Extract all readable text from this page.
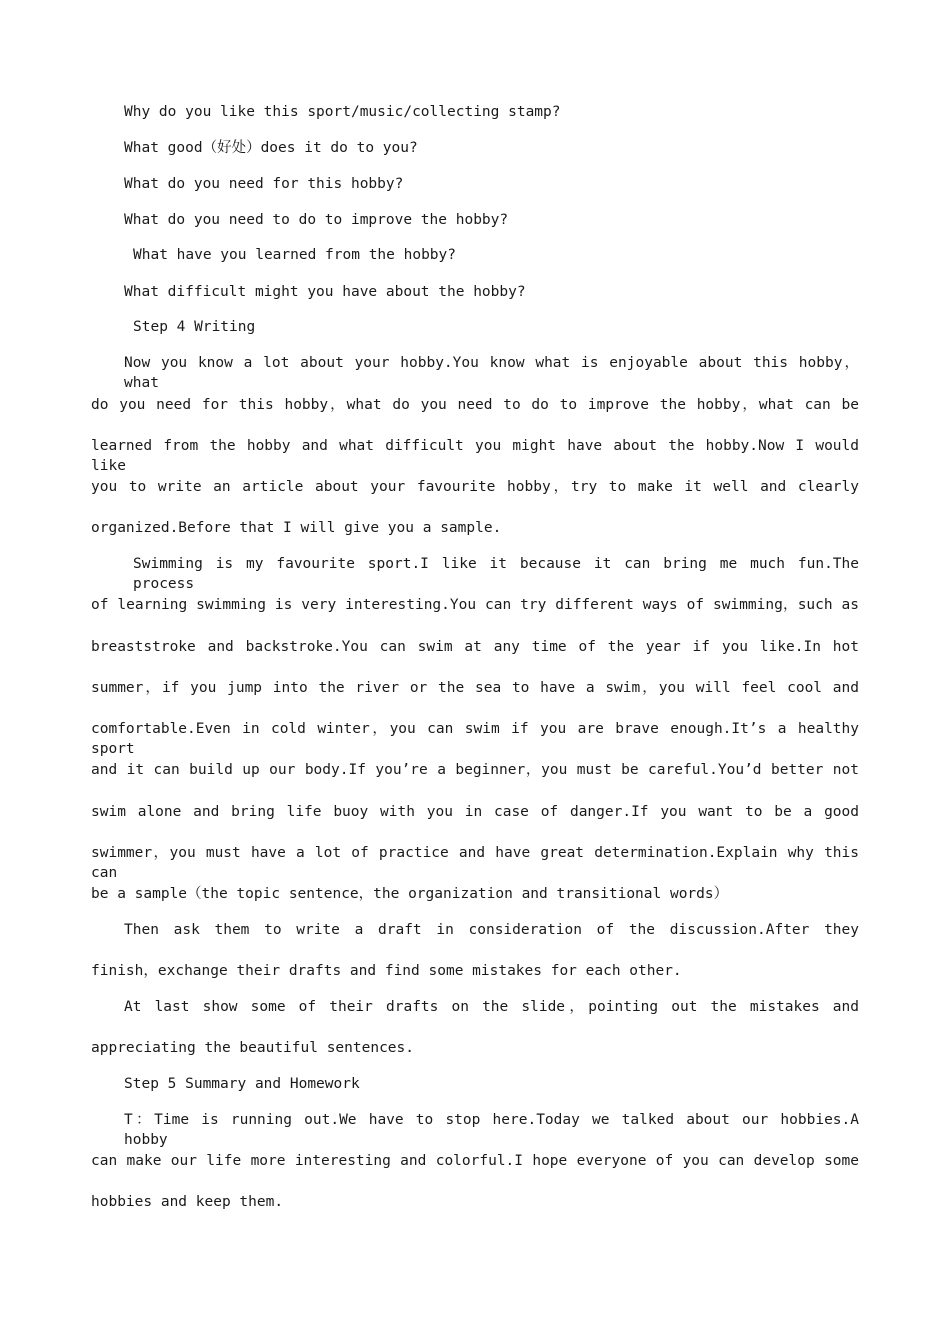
Why do you like this sport/music/collecting stamp?
What good（好处）does it do to you?
What do you need for this hobby?
What do you need to do to improve the hobby?
What have you learned from the hobby?
What difficult might you have about the hobby?
Step 4 Writing
Now you know a lot about your hobby.You know what is enjoyable about this hobby，what
do you need for this hobby，what do you need to do to improve the hobby，what can be
learned from the hobby and what difficult you might have about the hobby.Now I would like
you to write an article about your favourite hobby，try to make it well and clearly
organized.Before that I will give you a sample.
Swimming is my favourite sport.I like it because it can bring me much fun.The process
of learning swimming is very interesting.You can try different ways of swimming，such as
breaststroke and backstroke.You can swim at any time of the year if you like.In hot
summer，if you jump into the river or the sea to have a swim，you will feel cool and
comfortable.Even in cold winter，you can swim if you are brave enough.It’s a healthy sport
and it can build up our body.If you’re a beginner，you must be careful.You’d better not
swim alone and bring life buoy with you in case of danger.If you want to be a good
swimmer，you must have a lot of practice and have great determination.Explain why this can
be a sample（the topic sentence，the organization and transitional words）
Then ask them to write a draft in consideration of the discussion.After they
finish，exchange their drafts and find some mistakes for each other.
At last show some of their drafts on the slide，pointing out the mistakes and
appreciating the beautiful sentences.
Step 5 Summary and Homework
T：Time is running out.We have to stop here.Today we talked about our hobbies.A hobby
can make our life more interesting and colorful.I hope everyone of you can develop some
hobbies and keep them.
